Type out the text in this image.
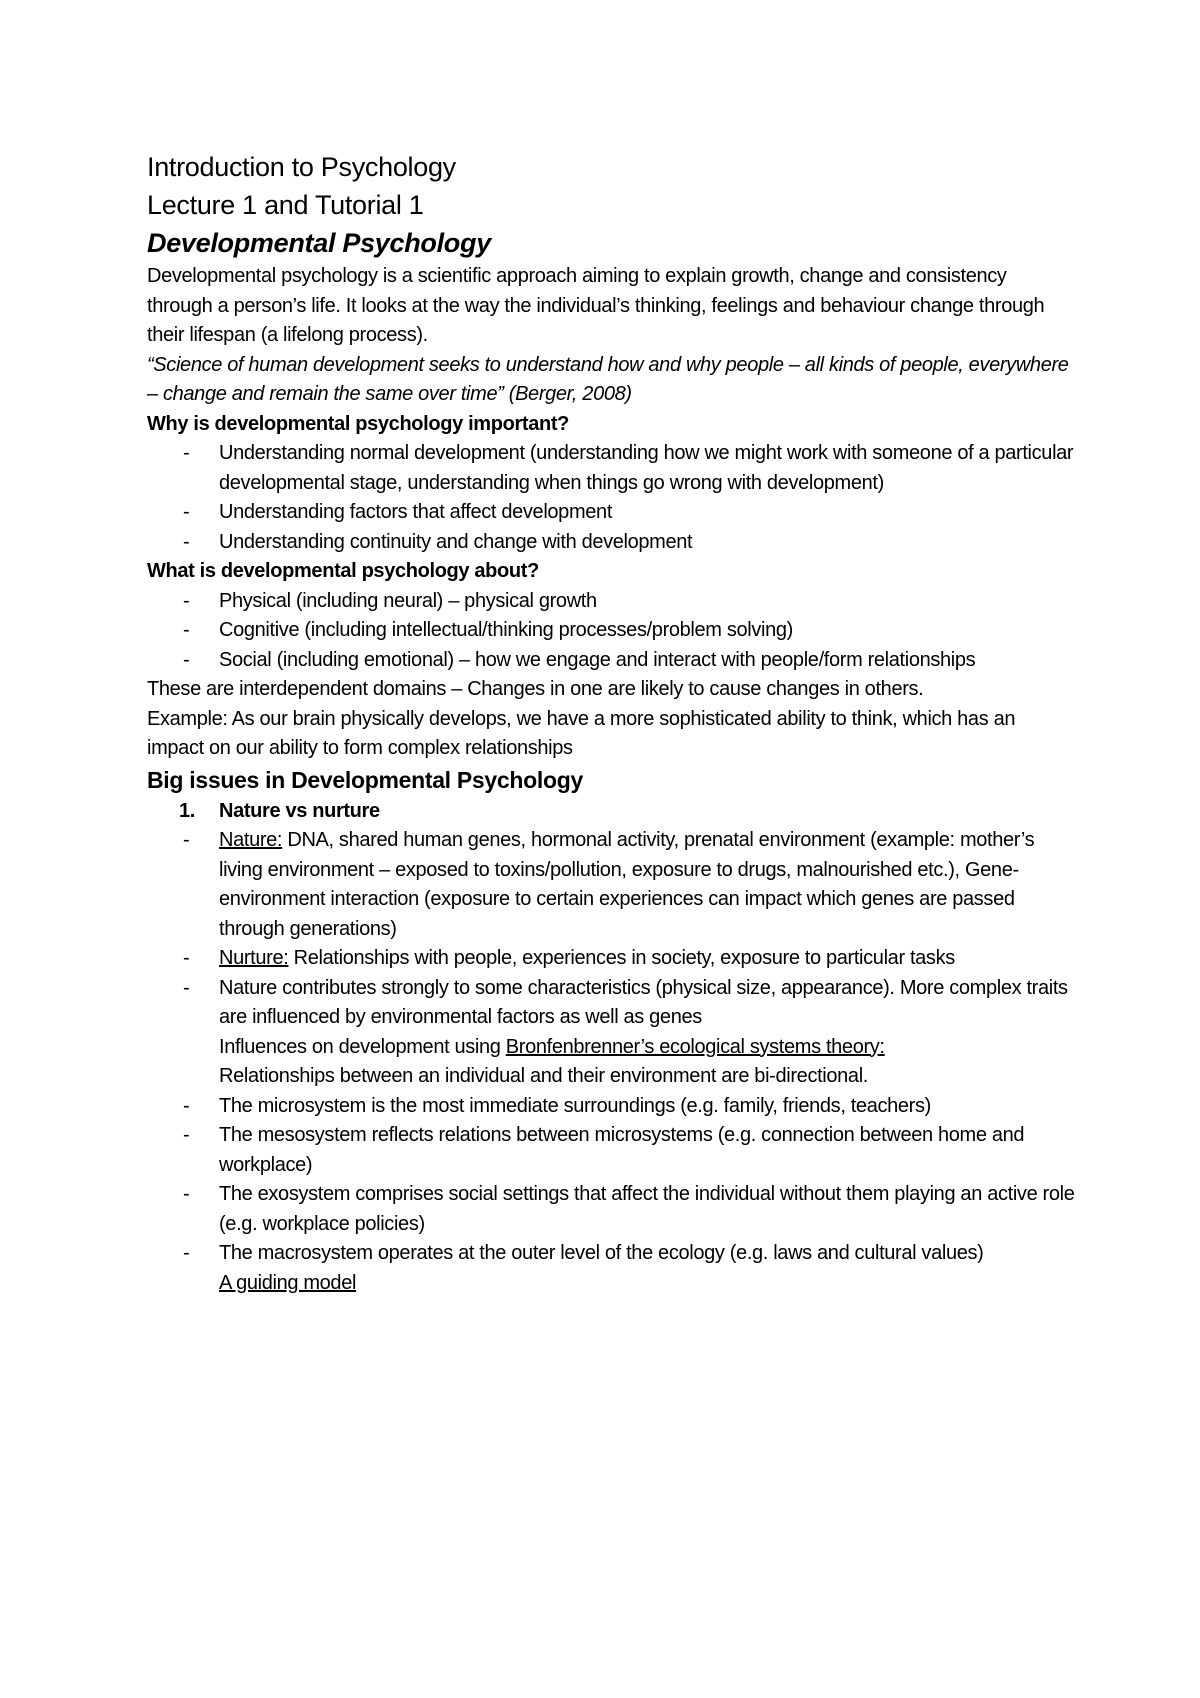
Introduction to Psychology

Lecture 1 and Tutorial 1

Developmental Psychology

Developmental psychology is a scientific approach aiming to explain growth, change and consistency through a person’s life. It looks at the way the individual’s thinking, feelings and behaviour change through their lifespan (a lifelong process).

“Science of human development seeks to understand how and why people – all kinds of people, everywhere – change and remain the same over time” (Berger, 2008)

Why is developmental psychology important?

- Understanding normal development (understanding how we might work with someone of a particular developmental stage, understanding when things go wrong with development)
- Understanding factors that affect development
- Understanding continuity and change with development

What is developmental psychology about?

- Physical (including neural) – physical growth
- Cognitive (including intellectual/thinking processes/problem solving)
- Social (including emotional) – how we engage and interact with people/form relationships

These are interdependent domains – Changes in one are likely to cause changes in others.

Example: As our brain physically develops, we have a more sophisticated ability to think, which has an impact on our ability to form complex relationships

Big issues in Developmental Psychology

1. Nature vs nurture
- Nature: DNA, shared human genes, hormonal activity, prenatal environment (example: mother’s living environment – exposed to toxins/pollution, exposure to drugs, malnourished etc.), Gene-environment interaction (exposure to certain experiences can impact which genes are passed through generations)
- Nurture: Relationships with people, experiences in society, exposure to particular tasks
- Nature contributes strongly to some characteristics (physical size, appearance). More complex traits are influenced by environmental factors as well as genes
Influences on development using Bronfenbrenner’s ecological systems theory:
Relationships between an individual and their environment are bi-directional.
- The microsystem is the most immediate surroundings (e.g. family, friends, teachers)
- The mesosystem reflects relations between microsystems (e.g. connection between home and workplace)
- The exosystem comprises social settings that affect the individual without them playing an active role (e.g. workplace policies)
- The macrosystem operates at the outer level of the ecology (e.g. laws and cultural values)
A guiding model
